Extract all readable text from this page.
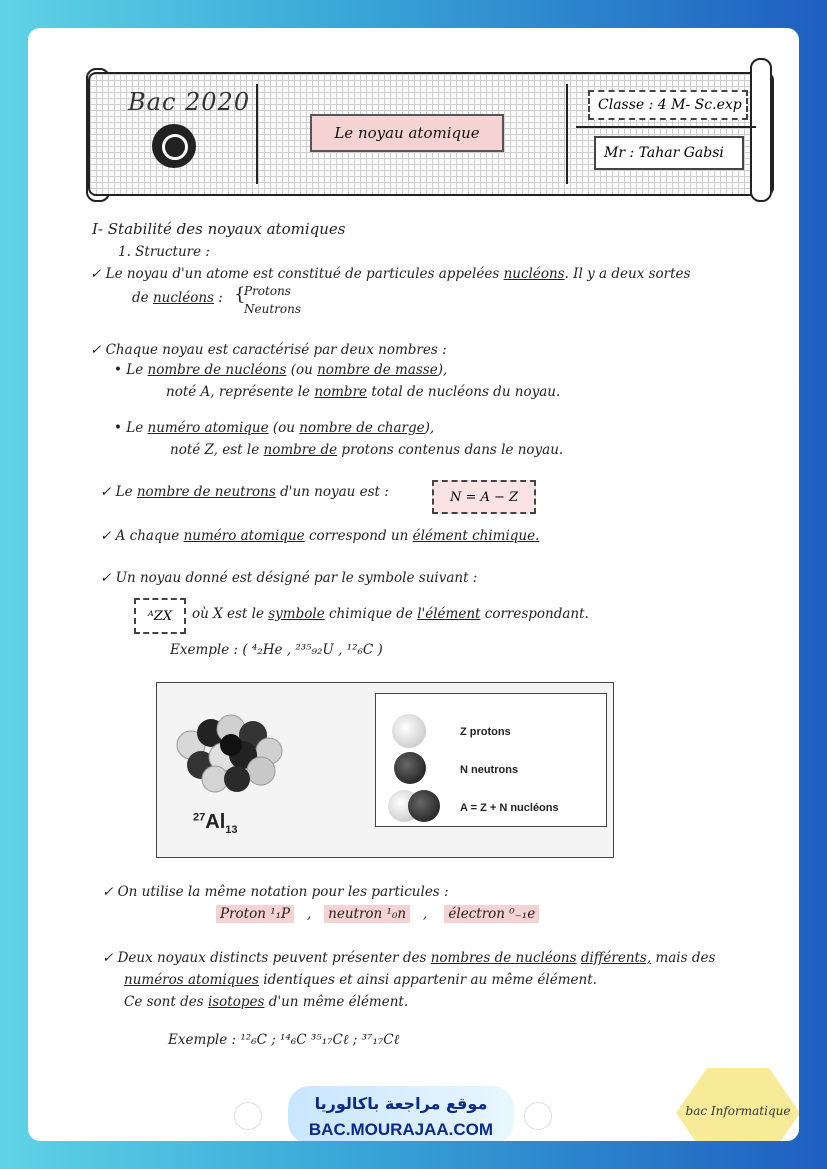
Bac 2020
Le noyau atomique
Classe : 4 M- Sc.exp
Mr : Tahar Gabsi
I- Stabilité des noyaux atomiques
1. Structure :
✓ Le noyau d'un atome est constitué de particules appelées nucléons. Il y a deux sortes
de nucléons : {
Protons
Neutrons
✓ Chaque noyau est caractérisé par deux nombres :
• Le nombre de nucléons (ou nombre de masse),
noté A, représente le nombre total de nucléons du noyau.
• Le numéro atomique (ou nombre de charge),
noté Z, est le nombre de protons contenus dans le noyau.
✓ Le nombre de neutrons d'un noyau est :	N = A − Z
✓ A chaque numéro atomique correspond un élément chimique.
✓ Un noyau donné est désigné par le symbole suivant :
ᴬZX	où X est le symbole chimique de l'élément correspondant.
Exemple : ( ⁴₂He , ²³⁵₉₂U , ¹²₆C )
$^{27}Al_{13}$
Z protons
N neutrons
A = Z + N nucléons
✓ On utilise la même notation pour les particules :
Proton ¹₁P , neutron ¹₀n , électron ⁰₋₁e
✓ Deux noyaux distincts peuvent présenter des nombres de nucléons différents, mais des
numéros atomiques identiques et ainsi appartenir au même élément.
Ce sont des isotopes d'un même élément.
Exemple : ¹²₆C ; ¹⁴₆C ³⁵₁₇Cℓ ; ³⁷₁₇Cℓ
موقع مراجعة باكالوريا
BAC.MOURAJAA.COM
bac Informatique
